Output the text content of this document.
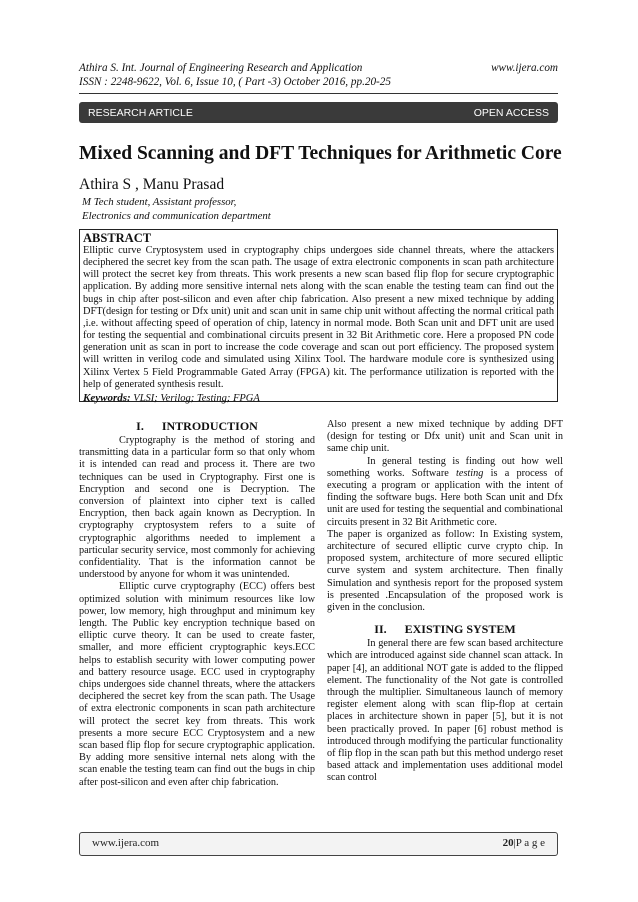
Athira S. Int. Journal of Engineering Research and Application	www.ijera.com
ISSN : 2248-9622, Vol. 6, Issue 10, ( Part -3) October 2016, pp.20-25
RESEARCH ARTICLE	OPEN ACCESS
Mixed Scanning and DFT Techniques for Arithmetic Core
Athira S , Manu Prasad
M Tech student, Assistant professor,
Electronics and communication department
ABSTRACT

Elliptic curve Cryptosystem used in cryptography chips undergoes side channel threats, where the attackers deciphered the secret key from the scan path. The usage of extra electronic components in scan path architecture will protect the secret key from threats. This work presents a new scan based flip flop for secure cryptographic application. By adding more sensitive internal nets along with the scan enable the testing team can find out the bugs in chip after post-silicon and even after chip fabrication. Also present a new mixed technique by adding DFT(design for testing or Dfx unit) unit and scan unit in same chip unit without affecting the normal critical path ,i.e. without affecting speed of operation of chip, latency in normal mode. Both Scan unit and DFT unit are used for testing the sequential and combinational circuits present in 32 Bit Arithmetic core. Here a proposed PN code generation unit as scan in port to increase the code coverage and scan out port efficiency. The proposed system will written in verilog code and simulated using Xilinx Tool. The hardware module core is synthesized using Xilinx Vertex 5 Field Programmable Gated Array (FPGA) kit. The performance utilization is reported with the help of generated synthesis result.

Keywords: VLSI; Verilog; Testing; FPGA
I. INTRODUCTION

Cryptography is the method of storing and transmitting data in a particular form so that only whom it is intended can read and process it. There are two techniques can be used in Cryptography. First one is Encryption and second one is Decryption. The conversion of plaintext into cipher text is called Encryption, then back again known as Decryption. In cryptography cryptosystem refers to a suite of cryptographic algorithms needed to implement a particular security service, most commonly for achieving confidentiality. That is the information cannot be understood by anyone for whom it was unintended.

Elliptic curve cryptography (ECC) offers best optimized solution with minimum resources like low power, low memory, high throughput and minimum key length. The Public key encryption technique based on elliptic curve theory. It can be used to create faster, smaller, and more efficient cryptographic keys.ECC helps to establish security with lower computing power and battery resource usage. ECC used in cryptography chips undergoes side channel threats, where the attackers deciphered the secret key from the scan path. The Usage of extra electronic components in scan path architecture will protect the secret key from threats. This work presents a more secure ECC Cryptosystem and a new scan based flip flop for secure cryptographic application. By adding more sensitive internal nets along with the scan enable the testing team can find out the bugs in chip after post-silicon and even after chip fabrication.

Also present a new mixed technique by adding DFT (design for testing or Dfx unit) unit and Scan unit in same chip unit.

In general testing is finding out how well something works. Software testing is a process of executing a program or application with the intent of finding the software bugs. Here both Scan unit and Dfx unit are used for testing the sequential and combinational circuits present in 32 Bit Arithmetic core.

The paper is organized as follow: In Existing system, architecture of secured elliptic curve crypto chip. In proposed system, architecture of more secured elliptic curve system and system architecture. Then finally Simulation and synthesis report for the proposed system is presented .Encapsulation of the proposed work is given in the conclusion.

II. EXISTING SYSTEM

In general there are few scan based architecture which are introduced against side channel scan attack. In paper [4], an additional NOT gate is added to the flipped element. The functionality of the Not gate is controlled through the multiplier. Simultaneous launch of memory register element along with scan flip-flop at certain places in architecture shown in paper [5], but it is not been practically proved. In paper [6] robust method is introduced through modifying the particular functionality of flip flop in the scan path but this method undergo reset based attack and implementation uses additional model scan control

www.ijera.com	20|P a g e
